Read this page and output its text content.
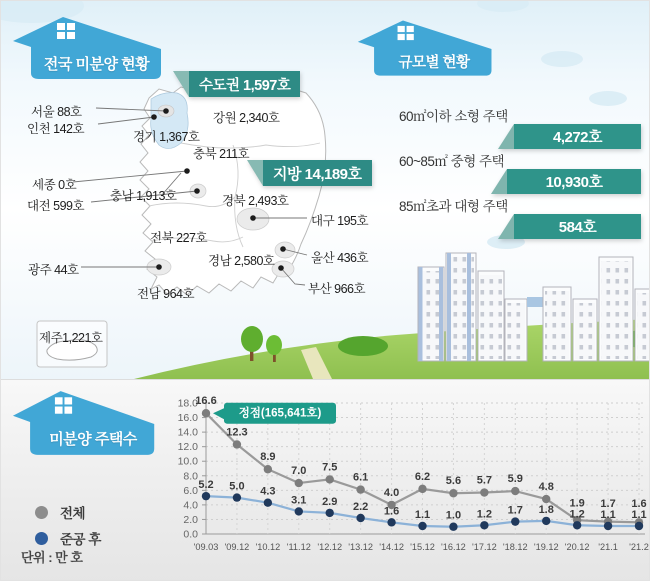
전국 미분양 현황	규모별 현황
수도권 1,597호
지방 14,189호
서울 88호
인천 142호
경기 1,367호
강원 2,340호
충북 211호
세종 0호
충남 1,913호
대전 599호	경북 2,493호
대구 195호
전북 227호
울산 436호
경남 2,580호
광주 44호
부산 966호
전남 964호
제주1,221호
60㎡이하 소형 주택
4,272호
60~85㎡ 중형 주택
10,930호
85㎡초과 대형 주택
584호
미분양 주택수
전체
준공 후
단위 : 만 호
0.0
2.0
4.0
6.0
8.0
10.0
12.0
14.0
16.0
18.0
'09.03 '09.12 '10.12 '11.12 '12.12 '13.12 '14.12 '15.12 '16.12 '17.12 '18.12 '19.12 '20.12 '21.1 '21.2
정점(165,641호)
16.6
5.2
12.3
5.0
8.9
4.3
7.0
3.1
7.5
2.9
6.1
2.2
4.0
1.6
6.2
1.1
5.6
1.0
5.7
1.2
5.9
1.7
4.8
1.8
1.9
1.2
1.7
1.1
1.6
1.1
